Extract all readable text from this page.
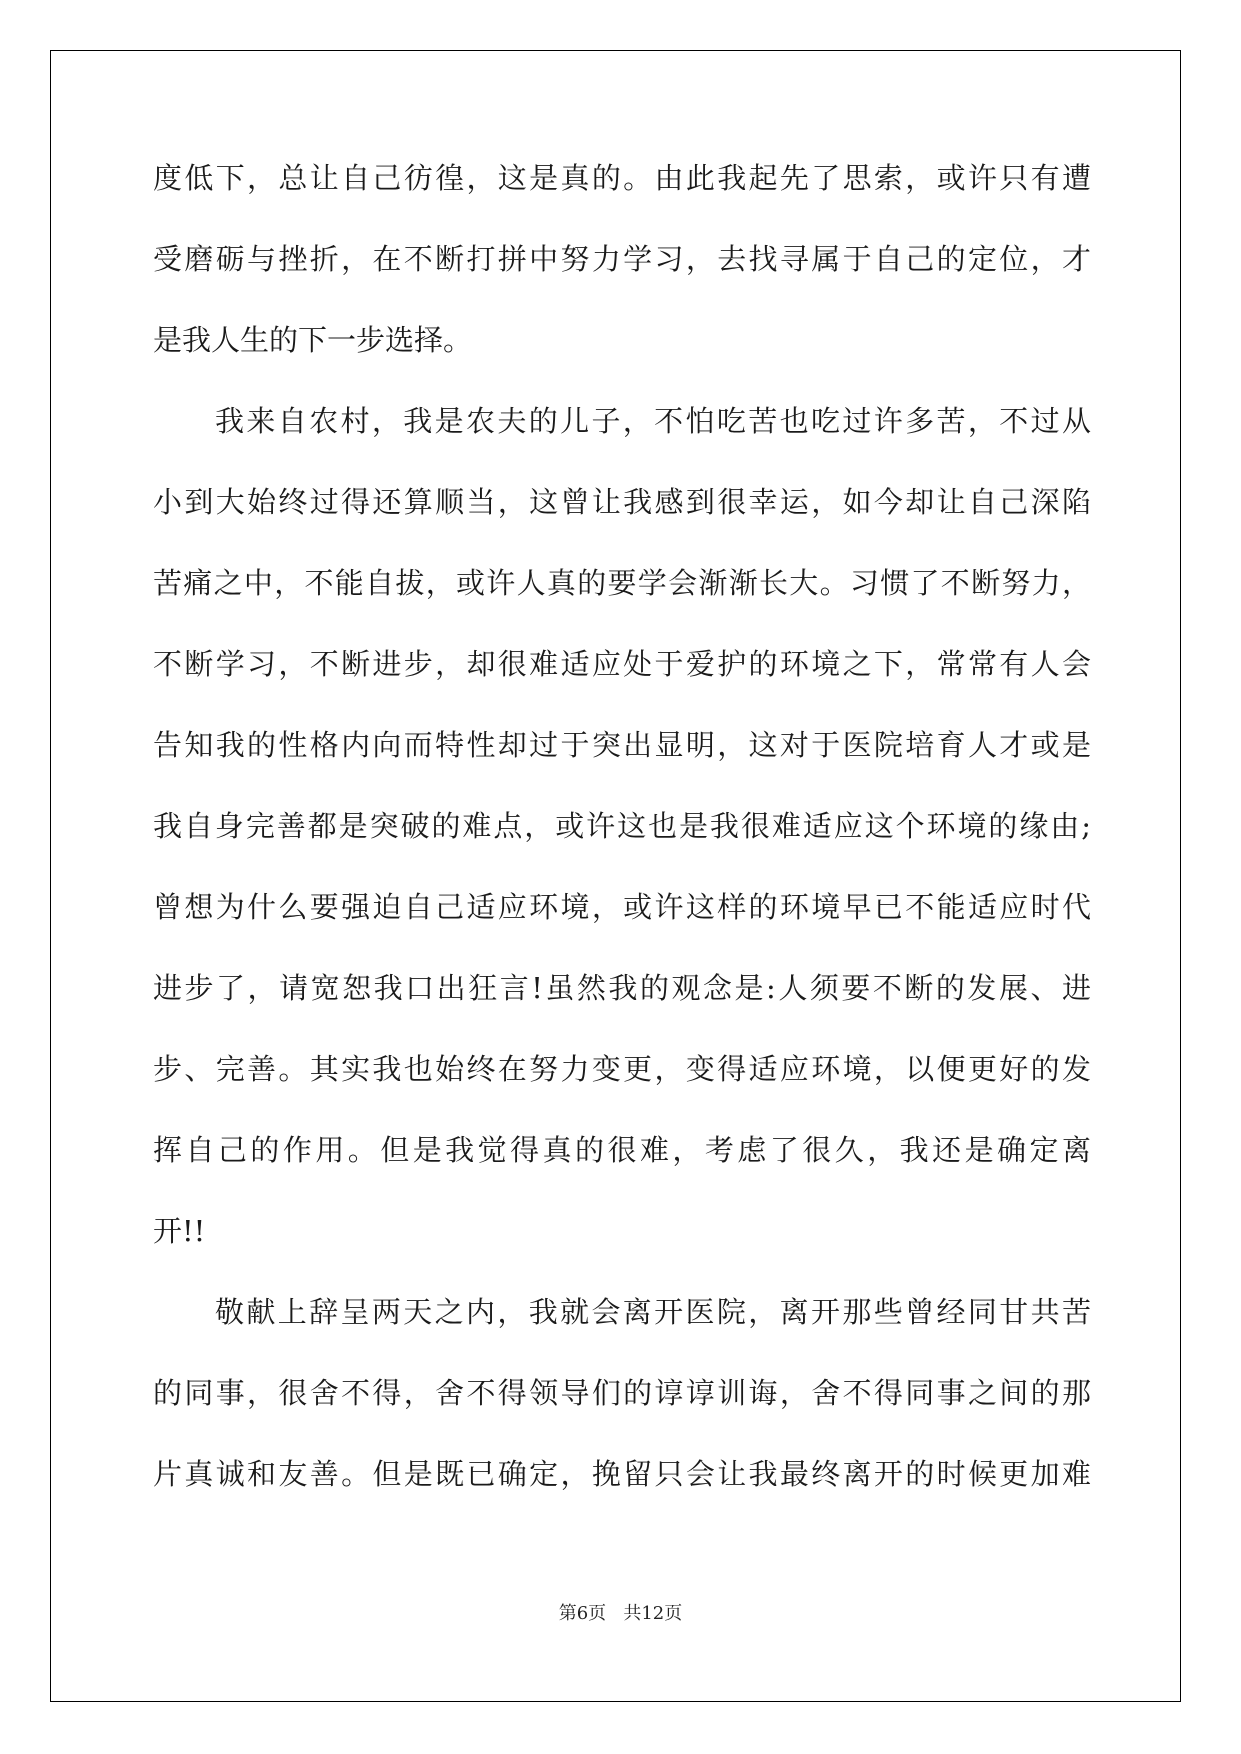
度低下，总让自己彷徨，这是真的。由此我起先了思索，或许只有遭
受磨砺与挫折，在不断打拼中努力学习，去找寻属于自己的定位，才
是我人生的下一步选择。
我来自农村，我是农夫的儿子，不怕吃苦也吃过许多苦，不过从
小到大始终过得还算顺当，这曾让我感到很幸运，如今却让自己深陷
苦痛之中，不能自拔，或许人真的要学会渐渐长大。习惯了不断努力，
不断学习，不断进步，却很难适应处于爱护的环境之下，常常有人会
告知我的性格内向而特性却过于突出显明，这对于医院培育人才或是
我自身完善都是突破的难点，或许这也是我很难适应这个环境的缘由;
曾想为什么要强迫自己适应环境，或许这样的环境早已不能适应时代
进步了，请宽恕我口出狂言!虽然我的观念是:人须要不断的发展、进
步、完善。其实我也始终在努力变更，变得适应环境，以便更好的发
挥自己的作用。但是我觉得真的很难，考虑了很久，我还是确定离
开!!
敬献上辞呈两天之内，我就会离开医院，离开那些曾经同甘共苦
的同事，很舍不得，舍不得领导们的谆谆训诲，舍不得同事之间的那
片真诚和友善。但是既已确定，挽留只会让我最终离开的时候更加难
第6页 共12页
